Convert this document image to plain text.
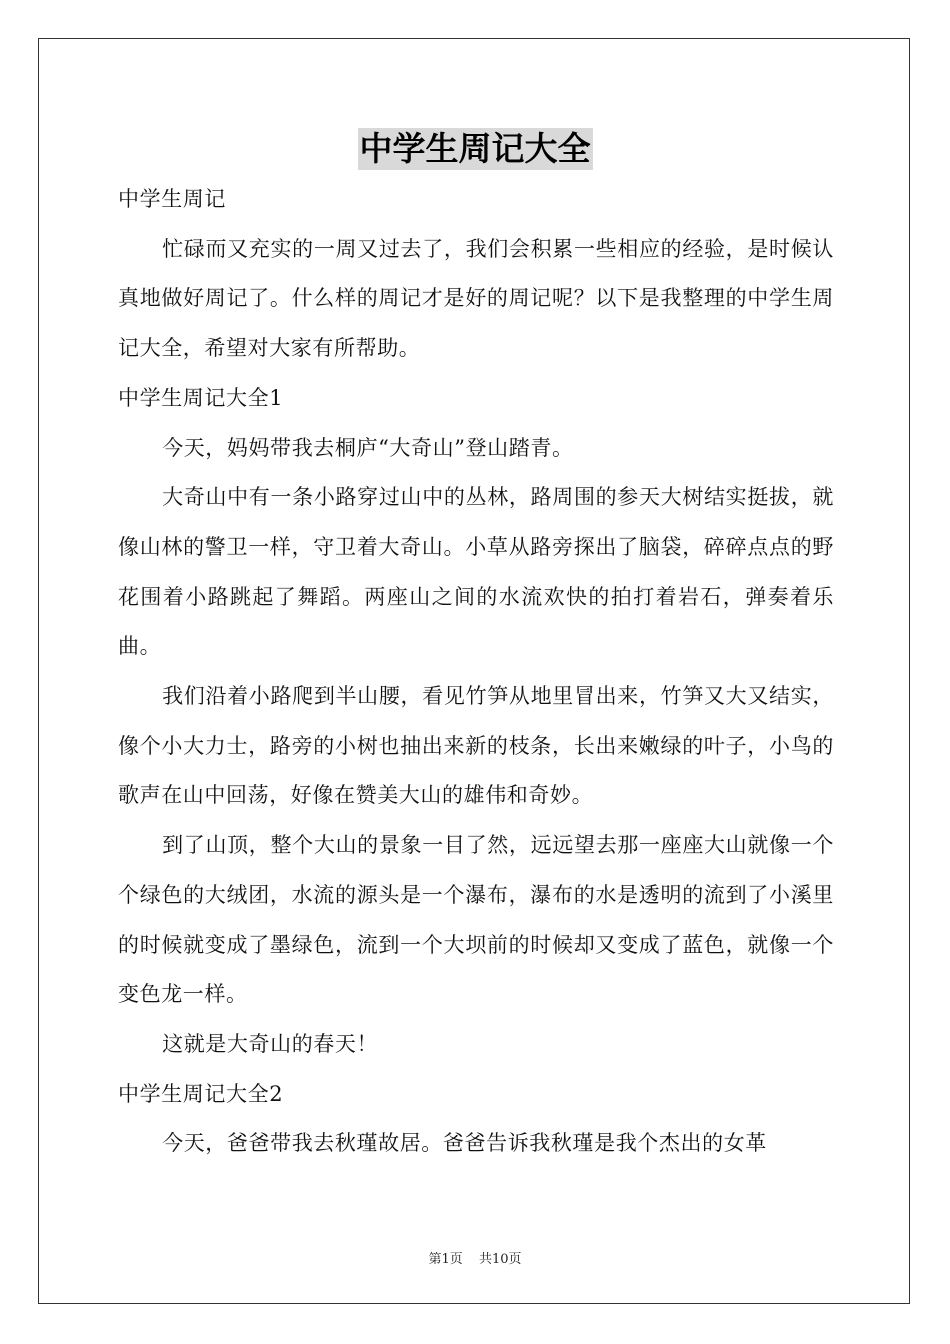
中学生周记大全

中学生周记

忙碌而又充实的一周又过去了，我们会积累一些相应的经验，是时候认真地做好周记了。什么样的周记才是好的周记呢？以下是我整理的中学生周记大全，希望对大家有所帮助。

中学生周记大全1

今天，妈妈带我去桐庐“大奇山”登山踏青。

大奇山中有一条小路穿过山中的丛林，路周围的参天大树结实挺拔，就像山林的警卫一样，守卫着大奇山。小草从路旁探出了脑袋，碎碎点点的野花围着小路跳起了舞蹈。两座山之间的水流欢快的拍打着岩石，弹奏着乐曲。

我们沿着小路爬到半山腰，看见竹笋从地里冒出来，竹笋又大又结实，像个小大力士，路旁的小树也抽出来新的枝条，长出来嫩绿的叶子，小鸟的歌声在山中回荡，好像在赞美大山的雄伟和奇妙。

到了山顶，整个大山的景象一目了然，远远望去那一座座大山就像一个个绿色的大绒团，水流的源头是一个瀑布，瀑布的水是透明的流到了小溪里的时候就变成了墨绿色，流到一个大坝前的时候却又变成了蓝色，就像一个变色龙一样。

这就是大奇山的春天！

中学生周记大全2

今天，爸爸带我去秋瑾故居。爸爸告诉我秋瑾是我个杰出的女革

第1页 共10页
